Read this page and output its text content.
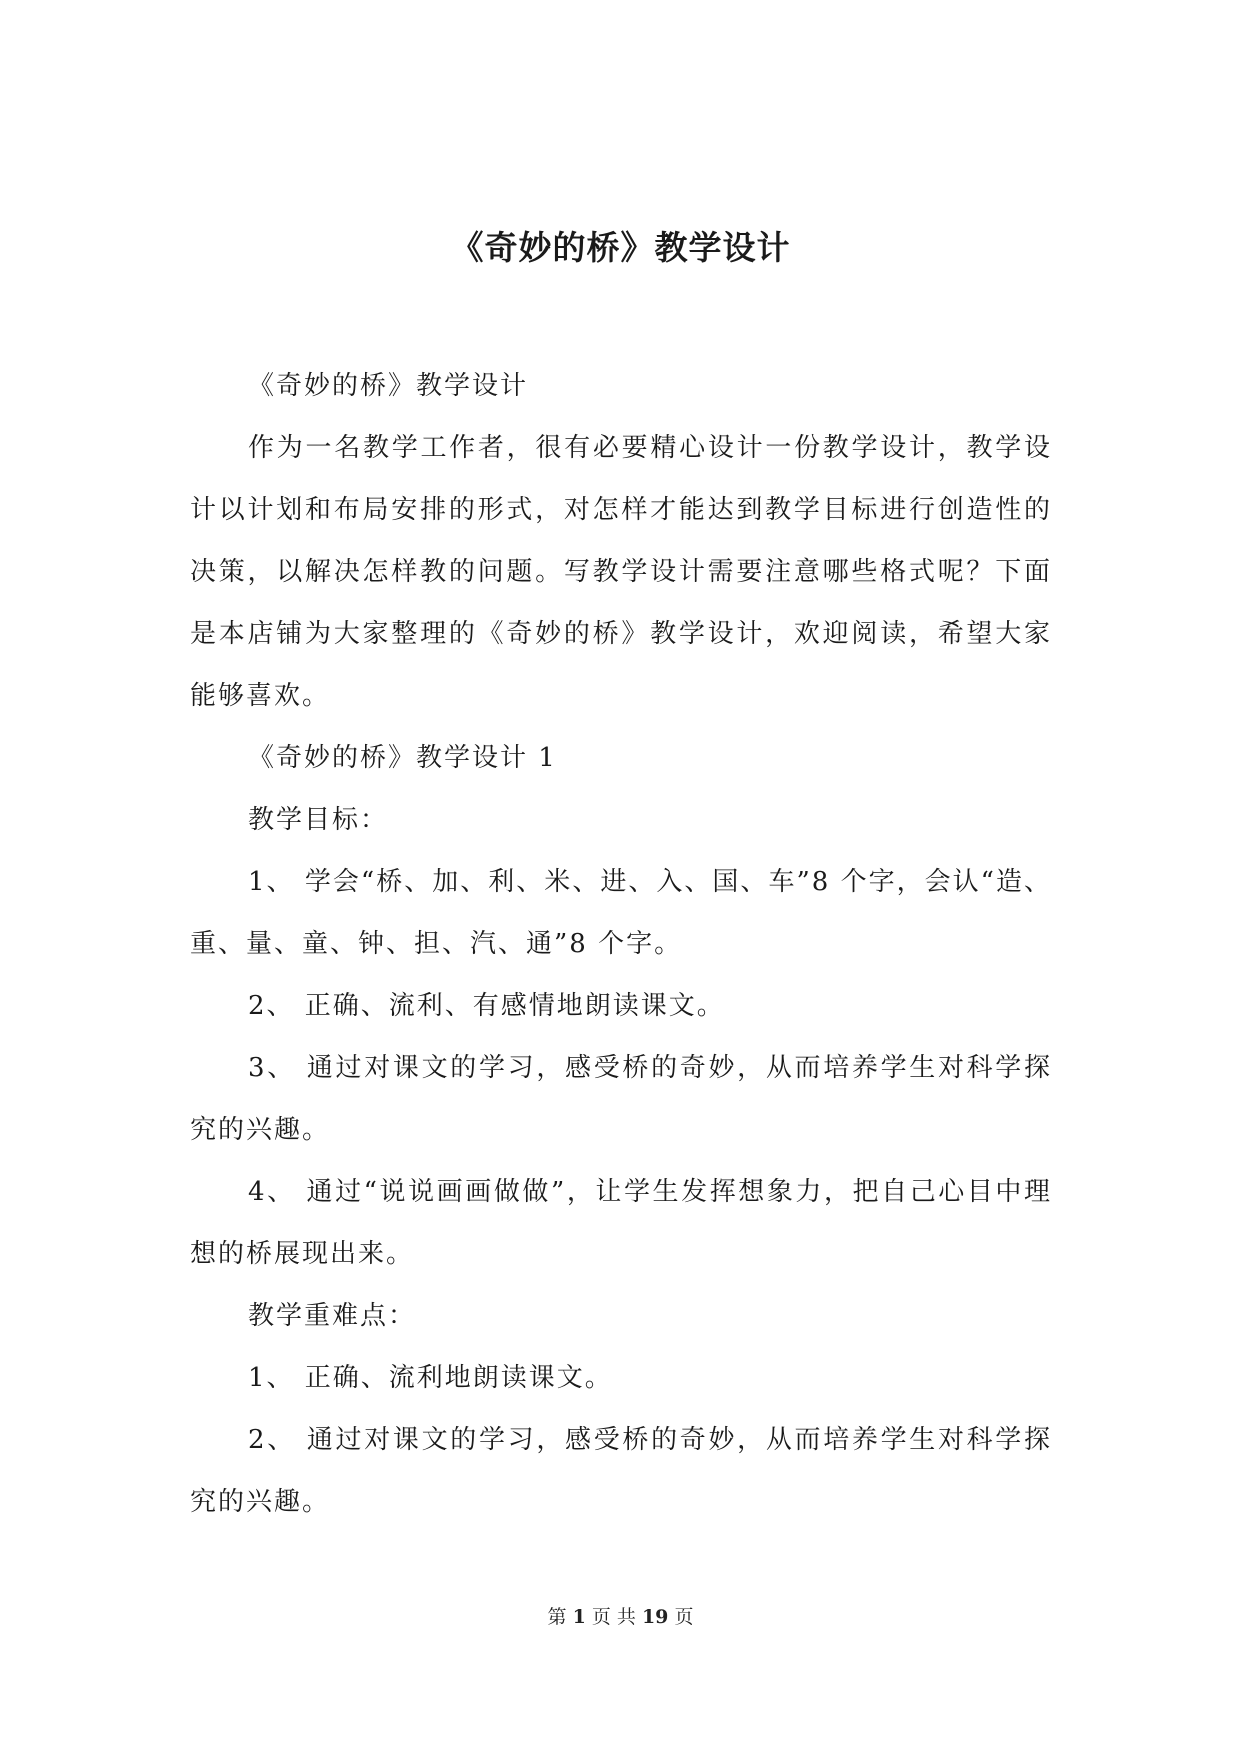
《奇妙的桥》教学设计

《奇妙的桥》教学设计

作为一名教学工作者，很有必要精心设计一份教学设计，教学设计以计划和布局安排的形式，对怎样才能达到教学目标进行创造性的决策，以解决怎样教的问题。写教学设计需要注意哪些格式呢？下面是本店铺为大家整理的《奇妙的桥》教学设计，欢迎阅读，希望大家能够喜欢。

《奇妙的桥》教学设计 1

教学目标：

1、 学会“桥、加、利、米、进、入、国、车”8 个字，会认“造、重、量、童、钟、担、汽、通”8 个字。

2、 正确、流利、有感情地朗读课文。

3、 通过对课文的学习，感受桥的奇妙，从而培养学生对科学探究的兴趣。

4、 通过“说说画画做做”，让学生发挥想象力，把自己心目中理想的桥展现出来。

教学重难点：

1、 正确、流利地朗读课文。

2、 通过对课文的学习，感受桥的奇妙，从而培养学生对科学探究的兴趣。

第 1 页 共 19 页
